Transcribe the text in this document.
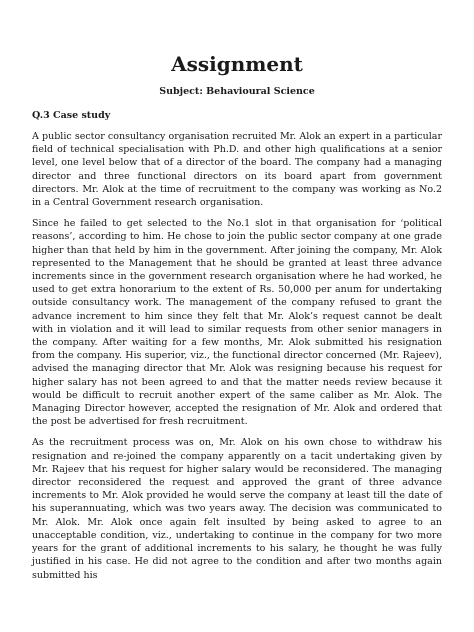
Assignment
Subject: Behavioural Science
Q.3 Case study

A public sector consultancy organisation recruited Mr. Alok an expert in a particular field of technical specialisation with Ph.D. and other high qualifications at a senior level, one level below that of a director of the board. The company had a managing director and three functional directors on its board apart from government directors. Mr. Alok at the time of recruitment to the company was working as No.2 in a Central Government research organisation.

Since he failed to get selected to the No.1 slot in that organisation for ‘political reasons’, according to him. He chose to join the public sector company at one grade higher than that held by him in the government. After joining the company, Mr. Alok represented to the Management that he should be granted at least three advance increments since in the government research organisation where he had worked, he used to get extra honorarium to the extent of Rs. 50,000 per anum for undertaking outside consultancy work. The management of the company refused to grant the advance increment to him since they felt that Mr. Alok’s request cannot be dealt with in violation and it will lead to similar requests from other senior managers in the company. After waiting for a few months, Mr. Alok submitted his resignation from the company. His superior, viz., the functional director concerned (Mr. Rajeev), advised the managing director that Mr. Alok was resigning because his request for higher salary has not been agreed to and that the matter needs review because it would be difficult to recruit another expert of the same caliber as Mr. Alok. The Managing Director however, accepted the resignation of Mr. Alok and ordered that the post be advertised for fresh recruitment.

As the recruitment process was on, Mr. Alok on his own chose to withdraw his resignation and re-joined the company apparently on a tacit undertaking given by Mr. Rajeev that his request for higher salary would be reconsidered. The managing director reconsidered the request and approved the grant of three advance increments to Mr. Alok provided he would serve the company at least till the date of his superannuating, which was two years away. The decision was communicated to Mr. Alok. Mr. Alok once again felt insulted by being asked to agree to an unacceptable condition, viz., undertaking to continue in the company for two more years for the grant of additional increments to his salary, he thought he was fully justified in his case. He did not agree to the condition and after two months again submitted his
